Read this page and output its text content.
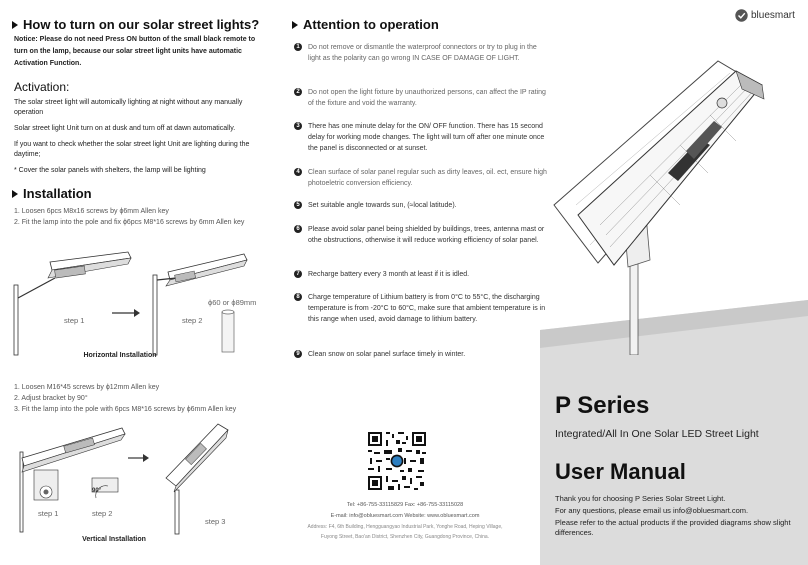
How to turn on our solar street lights?

Notice: Please do not need Press ON button of the small black remote to turn on the lamp, because our solar street light units have automatic Activation Function.

Activation:

The solar street light will automically lighting at night without any manually operation

Solar street light Unit turn on at dusk and turn off at dawn automatically.

If you want to check whether the solar street light Unit are lighting during the daytime;

* Cover the solar panels with shelters, the lamp will be lighting

Installation

1. Loosen 6pcs M8x16 screws by ϕ6mm Allen key

2. Fit the lamp into the pole and fix ϕ6pcs M8*16 screws by 6mm Allen key

ϕ60 or ϕ89mm
step 1	step 2
Horizontal Installation

1. Loosen M16*45 screws by ϕ12mm Allen key

2. Adjust bracket by 90°

3. Fit the lamp into the pole with 6pcs M8*16 screws by ϕ6mm Allen key

90°
step 1	step 2
step 3
Vertical Installation
Attention to operation
1	Do not remove or dismantle the waterproof connectors or try to plug in the light as the polarity can go wrong IN CASE OF DAMAGE OF LIGHT.
2	Do not open the light fixture by unauthorized persons, can affect the IP rating of the fixture and void the warranty.
3	There has one minute delay for the ON/ OFF function. There has 15 second delay for working mode changes. The light will turn off after one minute once the panel is disconnected or at sunset.
4	Clean surface of solar panel regular such as dirty leaves, oil. ect, ensure high photoeletric conversion efficiency.
5	Set suitable angle towards sun, (≈local latitude).
6	Please avoid solar panel being shielded by buildings, trees, antenna mast or othe obstructions, otherwise it will reduce working efficiency of solar panel.
7	Recharge battery every 3 month at least if it is idled.
8	Charge temperature of Lithium battery is from 0°C to 55°C, the discharging temperature is from -20°C to 60°C, make sure that ambient temperature is in this range when used, avoid damage to lithium battery.
9	Clean snow on solar panel surface timely in winter.
Tel: +86-755-33115829 Fax: +86-755-33115028
E-mail: info@obluesmart.com Website: www.obluesmart.com
Address: F4, 6th Building, Hengguangyao Industrial Park, Yonghe Road, Heping Village,
Fuyong Street, Bao'an District, Shenzhen City, Guangdong Province, China.
bluesmart
P Series
Integrated/All In One Solar LED Street Light
User Manual
Thank you for choosing P Series Solar Street Light.
For any questions, please email us info@obluesmart.com.
Please refer to the actual products if the provided diagrams show slight differences.
